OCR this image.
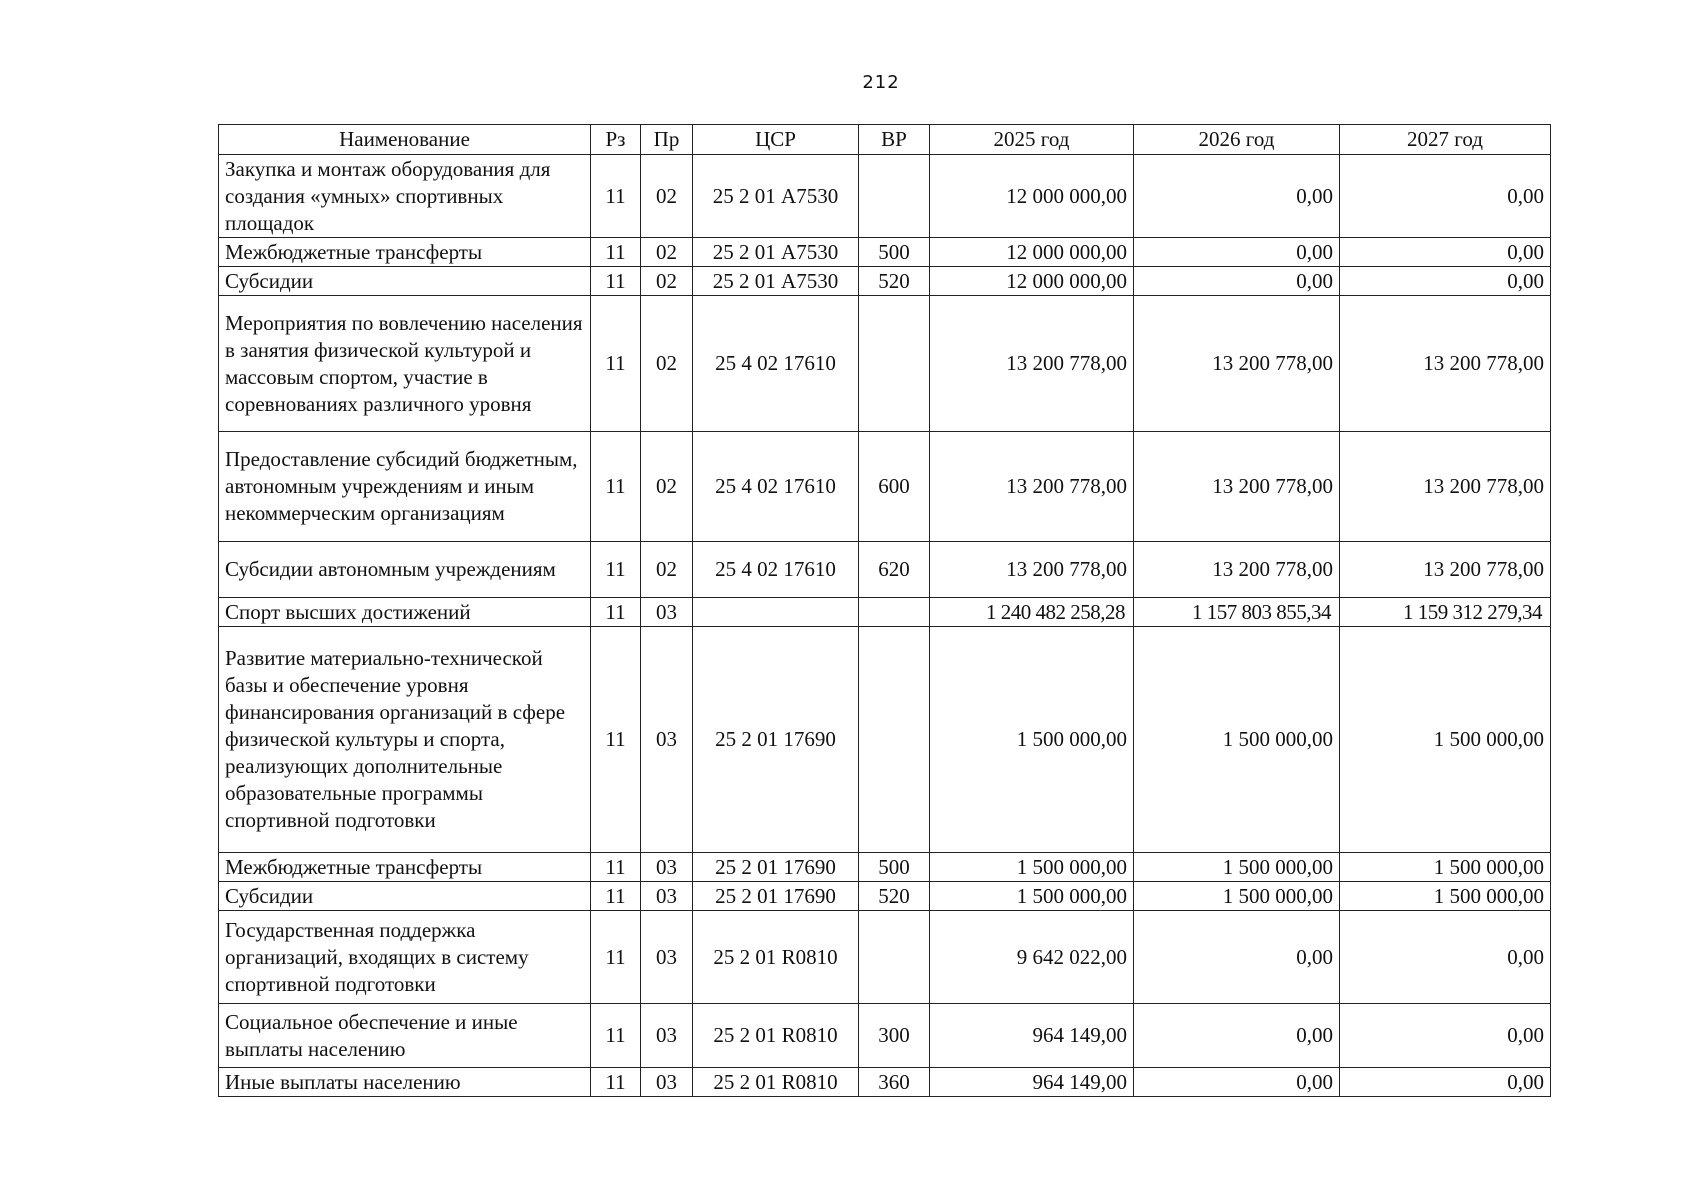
212
Наименование	Рз	Пр	ЦСР	ВР	2025 год	2026 год	2027 год
Закупка и монтаж оборудования для создания «умных» спортивных площадок	11	02	25 2 01 А7530		12 000 000,00	0,00	0,00
Межбюджетные трансферты	11	02	25 2 01 А7530	500	12 000 000,00	0,00	0,00
Субсидии	11	02	25 2 01 А7530	520	12 000 000,00	0,00	0,00
Мероприятия по вовлечению населения в занятия физической культурой и массовым спортом, участие в соревнованиях различного уровня	11	02	25 4 02 17610		13 200 778,00	13 200 778,00	13 200 778,00
Предоставление субсидий бюджетным, автономным учреждениям и иным некоммерческим организациям	11	02	25 4 02 17610	600	13 200 778,00	13 200 778,00	13 200 778,00
Субсидии автономным учреждениям	11	02	25 4 02 17610	620	13 200 778,00	13 200 778,00	13 200 778,00
Спорт высших достижений	11	03			1 240 482 258,28	1 157 803 855,34	1 159 312 279,34
Развитие материально-технической базы и обеспечение уровня финансирования организаций в сфере физической культуры и спорта, реализующих дополнительные образовательные программы спортивной подготовки	11	03	25 2 01 17690		1 500 000,00	1 500 000,00	1 500 000,00
Межбюджетные трансферты	11	03	25 2 01 17690	500	1 500 000,00	1 500 000,00	1 500 000,00
Субсидии	11	03	25 2 01 17690	520	1 500 000,00	1 500 000,00	1 500 000,00
Государственная поддержка организаций, входящих в систему спортивной подготовки	11	03	25 2 01 R0810		9 642 022,00	0,00	0,00
Социальное обеспечение и иные выплаты населению	11	03	25 2 01 R0810	300	964 149,00	0,00	0,00
Иные выплаты населению	11	03	25 2 01 R0810	360	964 149,00	0,00	0,00
